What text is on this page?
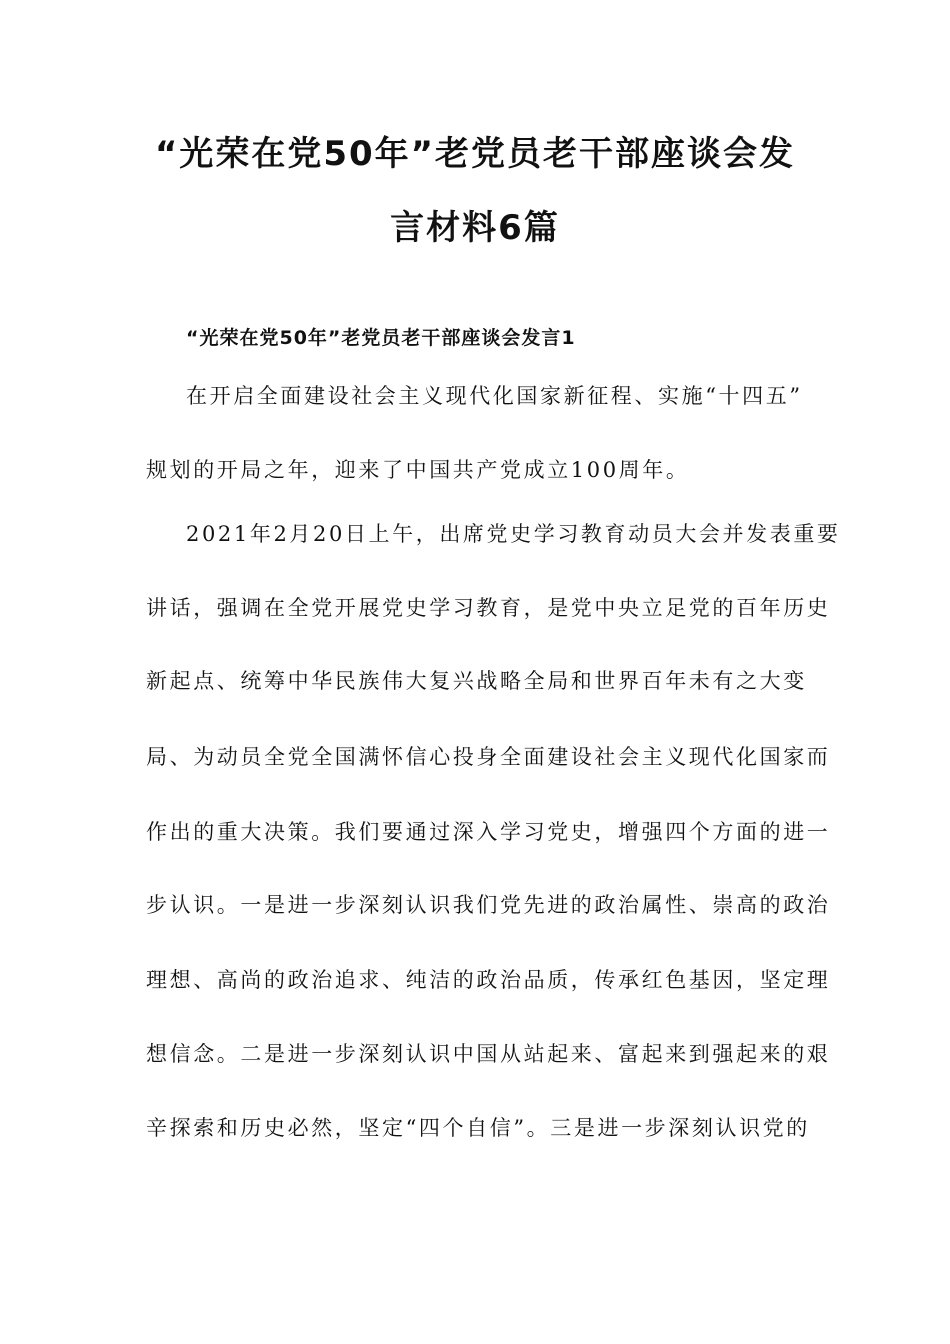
“光荣在党50年”老党员老干部座谈会发
言材料6篇
“光荣在党50年”老党员老干部座谈会发言1
在开启全面建设社会主义现代化国家新征程、实施“十四五”
规划的开局之年，迎来了中国共产党成立100周年。
2021年2月20日上午，出席党史学习教育动员大会并发表重要
讲话，强调在全党开展党史学习教育，是党中央立足党的百年历史
新起点、统筹中华民族伟大复兴战略全局和世界百年未有之大变
局、为动员全党全国满怀信心投身全面建设社会主义现代化国家而
作出的重大决策。我们要通过深入学习党史，增强四个方面的进一
步认识。一是进一步深刻认识我们党先进的政治属性、崇高的政治
理想、高尚的政治追求、纯洁的政治品质，传承红色基因，坚定理
想信念。二是进一步深刻认识中国从站起来、富起来到强起来的艰
辛探索和历史必然，坚定“四个自信”。三是进一步深刻认识党的
